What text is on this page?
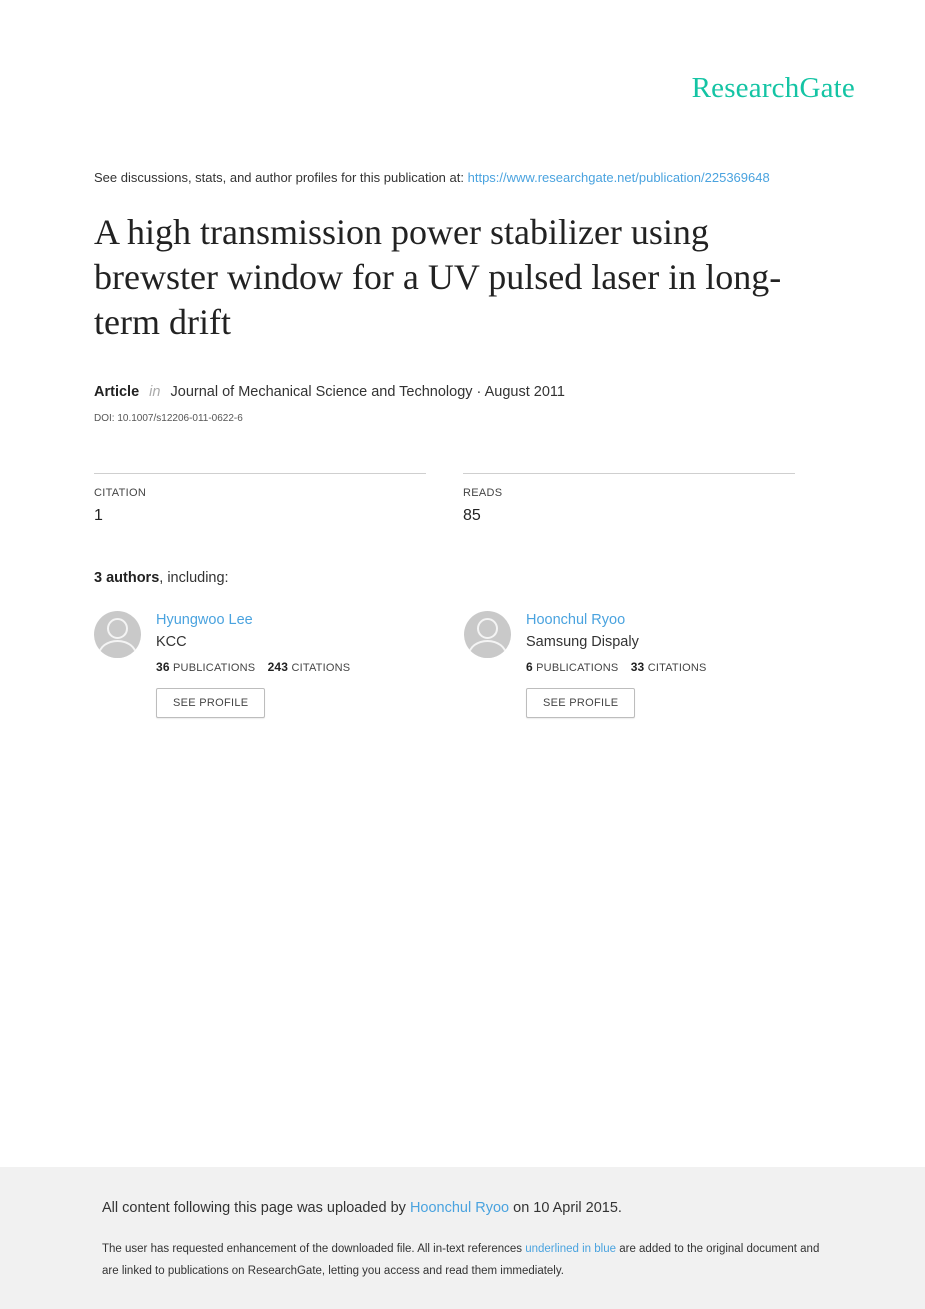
ResearchGate
See discussions, stats, and author profiles for this publication at: https://www.researchgate.net/publication/225369648
A high transmission power stabilizer using brewster window for a UV pulsed laser in long-term drift
Article in Journal of Mechanical Science and Technology · August 2011
DOI: 10.1007/s12206-011-0622-6
CITATION
1
READS
85
3 authors, including:
Hyungwoo Lee
KCC
36 PUBLICATIONS 243 CITATIONS
SEE PROFILE
Hoonchul Ryoo
Samsung Dispaly
6 PUBLICATIONS 33 CITATIONS
SEE PROFILE
All content following this page was uploaded by Hoonchul Ryoo on 10 April 2015.
The user has requested enhancement of the downloaded file. All in-text references underlined in blue are added to the original document and are linked to publications on ResearchGate, letting you access and read them immediately.
